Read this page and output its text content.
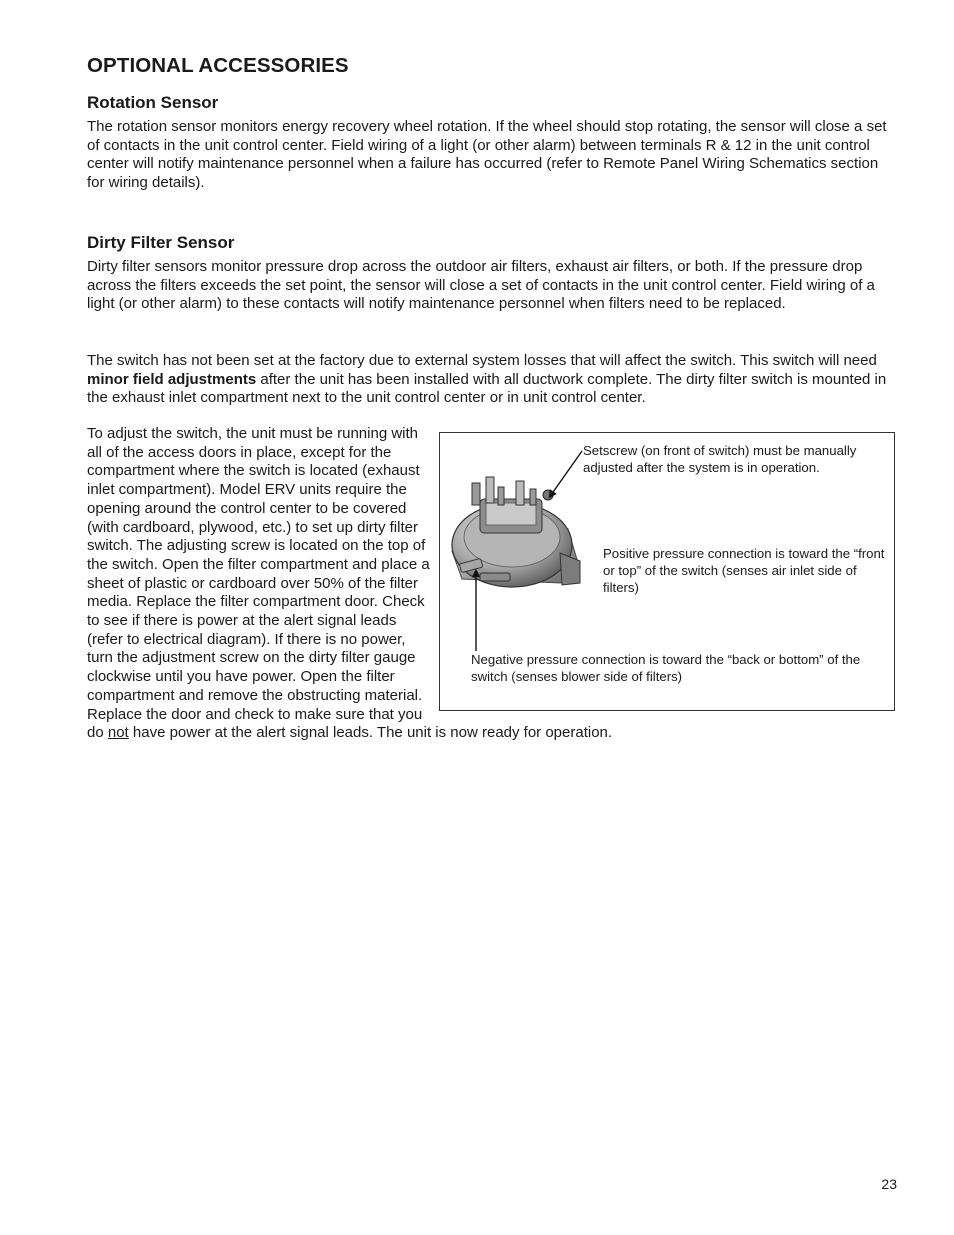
OPTIONAL ACCESSORIES
Rotation Sensor

The rotation sensor monitors energy recovery wheel rotation. If the wheel should stop rotating, the sensor will close a set of contacts in the unit control center. Field wiring of a light (or other alarm) between terminals R & 12 in the unit control center will notify maintenance personnel when a failure has occurred (refer to Remote Panel Wiring Schematics section for wiring details).

Dirty Filter Sensor

Dirty filter sensors monitor pressure drop across the outdoor air filters, exhaust air filters, or both. If the pressure drop across the filters exceeds the set point, the sensor will close a set of contacts in the unit control center. Field wiring of a light (or other alarm) to these contacts will notify maintenance personnel when filters need to be replaced.

The switch has not been set at the factory due to external system losses that will affect the switch. This switch will need minor field adjustments after the unit has been installed with all ductwork complete. The dirty filter switch is mounted in the exhaust inlet compartment next to the unit control center or in unit control center.

Setscrew (on front of switch) must be manually adjusted after the system is in operation.

Positive pressure connection is toward the “front or top” of the switch (senses air inlet side of filters)

Negative pressure connection is toward the “back or bottom” of the switch (senses blower side of filters)

To adjust the switch, the unit must be running with all of the access doors in place, except for the compartment where the switch is located (exhaust inlet compartment). Model ERV units require the opening around the control center to be covered (with cardboard, plywood, etc.) to set up dirty filter switch. The adjusting screw is located on the top of the switch. Open the filter compartment and place a sheet of plastic or cardboard over 50% of the filter media. Replace the filter compartment door. Check to see if there is power at the alert signal leads (refer to electrical diagram). If there is no power, turn the adjustment screw on the dirty filter gauge clockwise until you have power. Open the filter compartment and remove the obstructing material. Replace the door and check to make sure that you do not have power at the alert signal leads. The unit is now ready for operation.

23
